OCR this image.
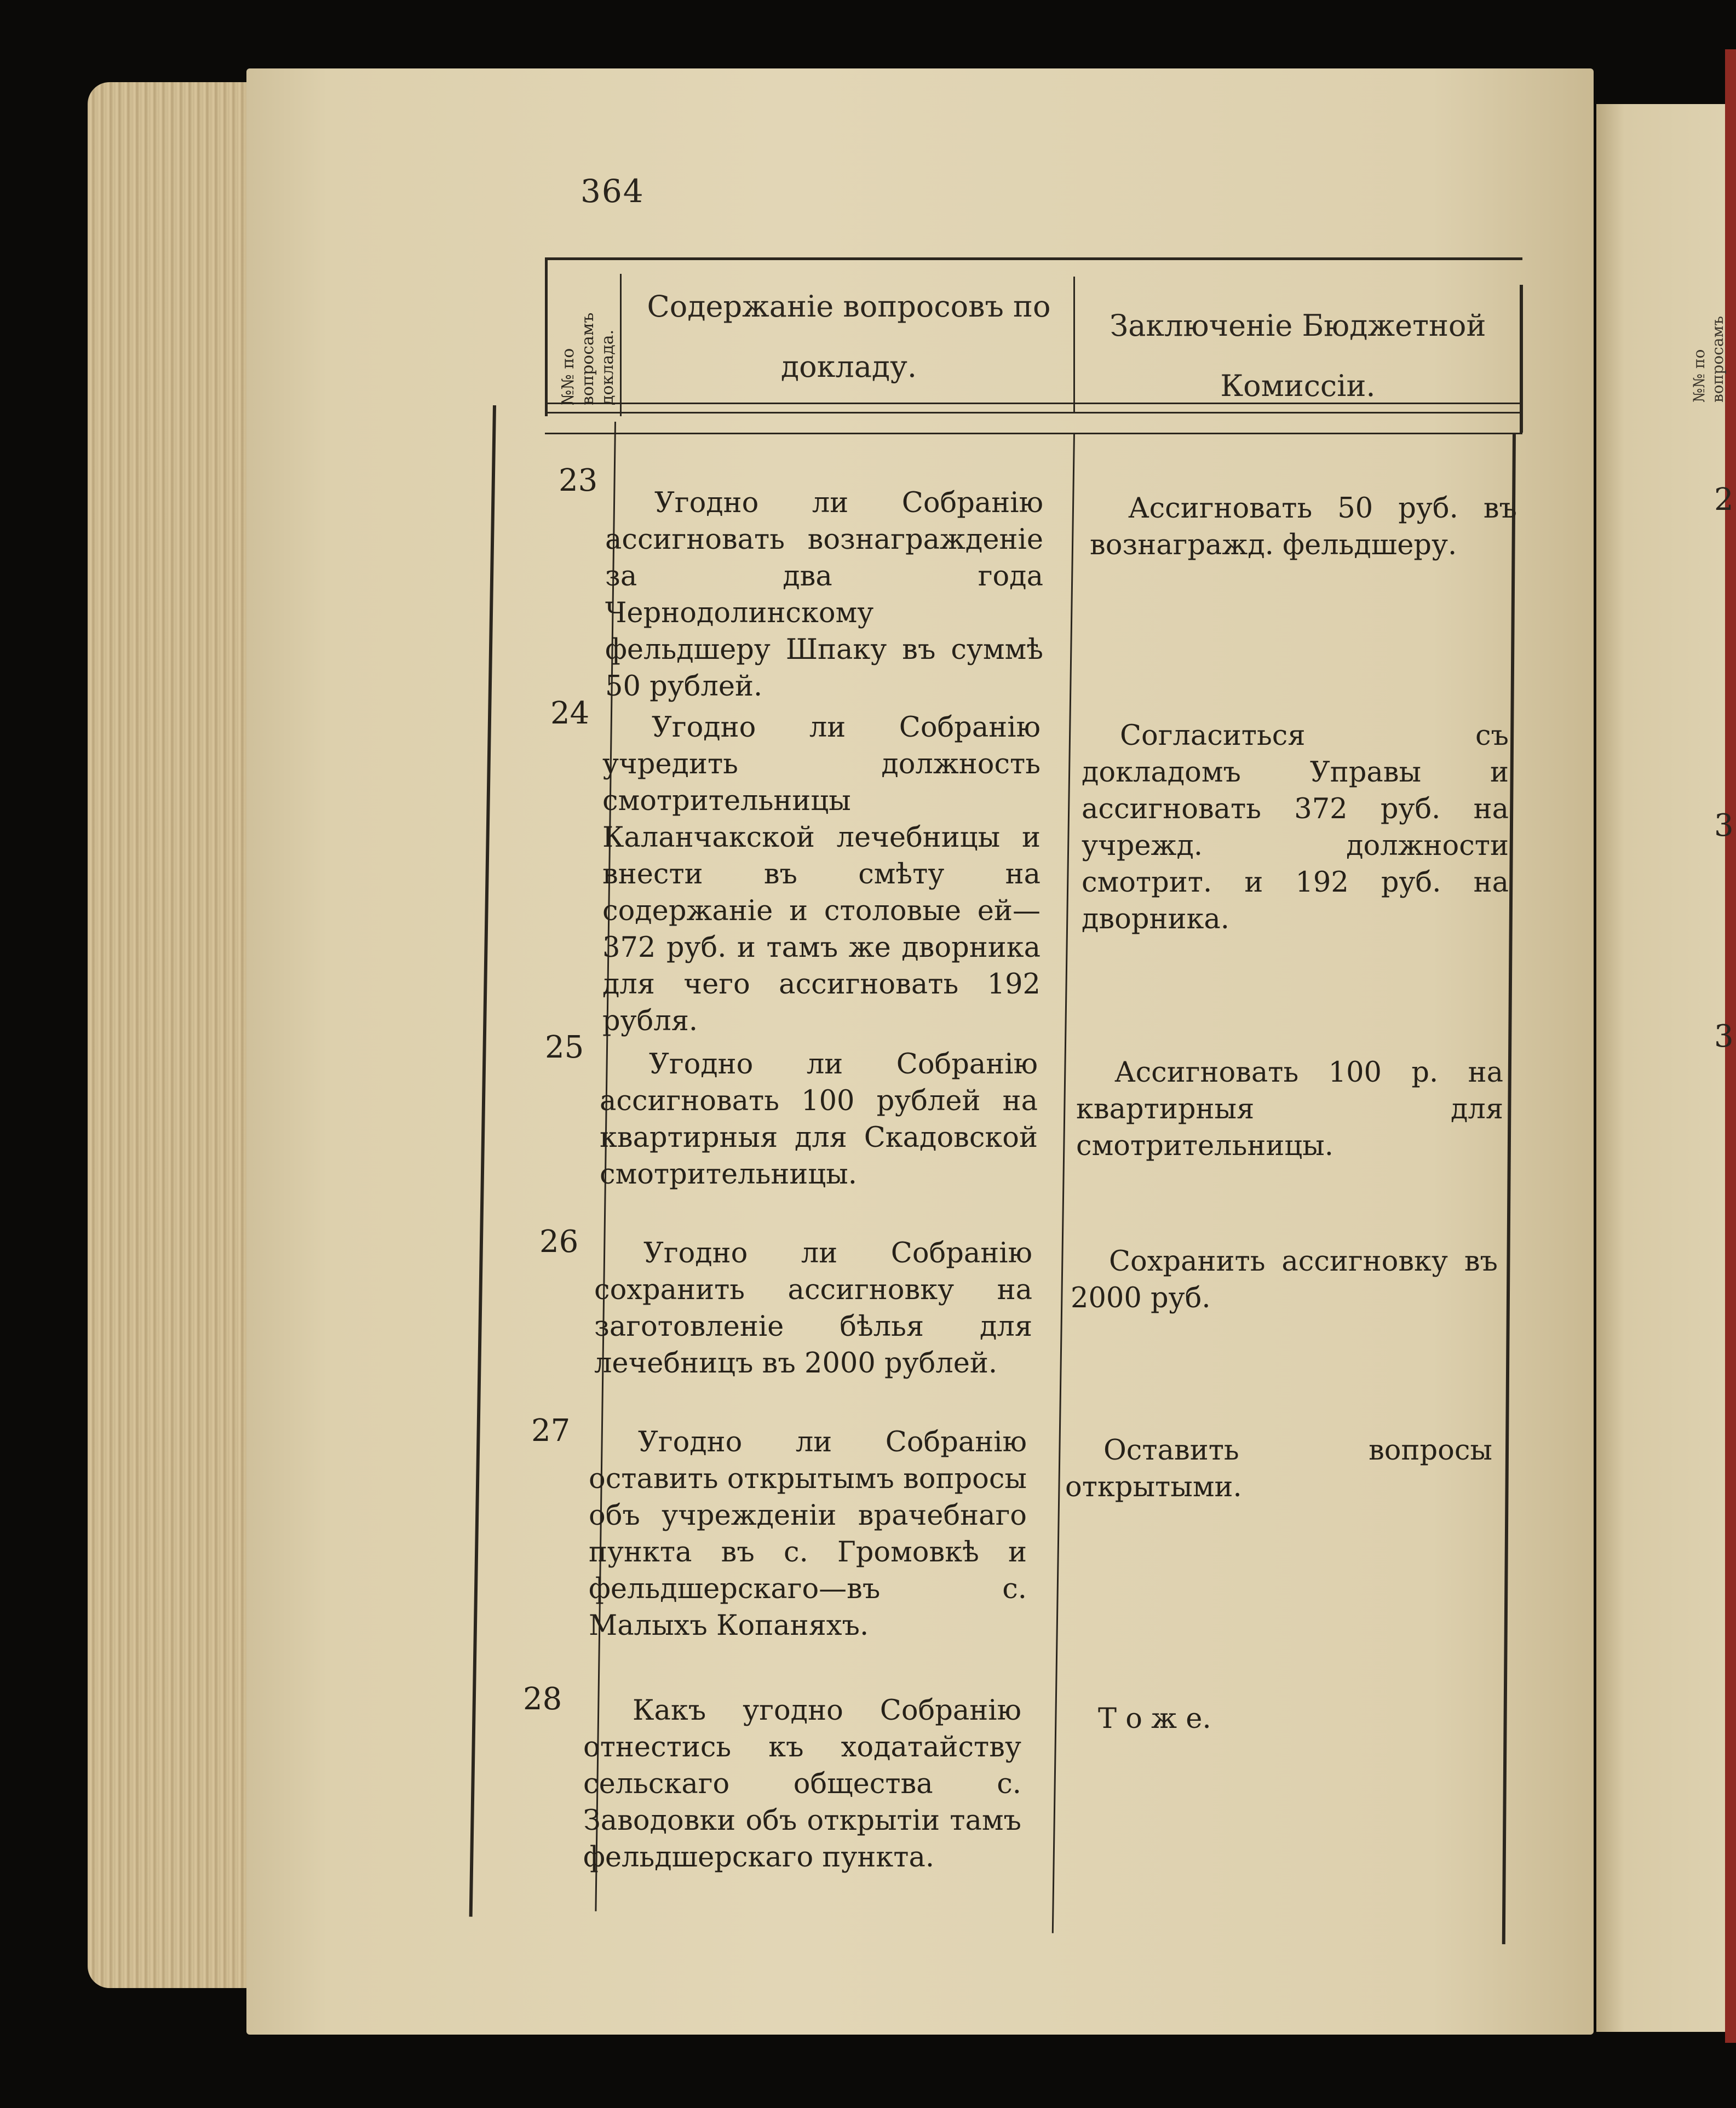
№№ по вопросамъ
2
3
3
364
№№ по вопросамъ доклада.
Содержаніе вопросовъ по
докладу.
Заключеніе Бюджетной
Комиссіи.
23
Угодно ли Собранію ассигновать вознагражденіе за два года Чернодолинскому фельдшеру Шпаку въ суммѣ 50 рублей.
Ассигновать 50 руб. въ вознагражд. фельдшеру.
24	Угодно ли Собранію учредить должность смотрительницы Каланчакской лечебницы и внести въ смѣту на содержаніе и столовые ей—372 руб. и тамъ же дворника для чего ассигновать 192 рубля.
Согласиться съ докладомъ Управы и ассигновать 372 руб. на учрежд. должности смотрит. и 192 руб. на дворника.
25	Угодно ли Собранію ассигновать 100 рублей на квартирныя для Скадовской смотрительницы.
Ассигновать 100 р. на квартирныя для смотрительницы.
26	Угодно ли Собранію сохранить ассигновку на заготовленіе бѣлья для лечебницъ въ 2000 рублей.
Сохранить ассигновку въ 2000 руб.
27	Угодно ли Собранію оставить открытымъ вопросы объ учрежденіи врачебнаго пункта въ с. Громовкѣ и фельдшерскаго—въ с. Малыхъ Копаняхъ.
Оставить вопросы открытыми.
28	Какъ угодно Собранію отнестись къ ходатайству сельскаго общества с. Заводовки объ открытіи тамъ фельдшерскаго пункта.
Т о ж е.
